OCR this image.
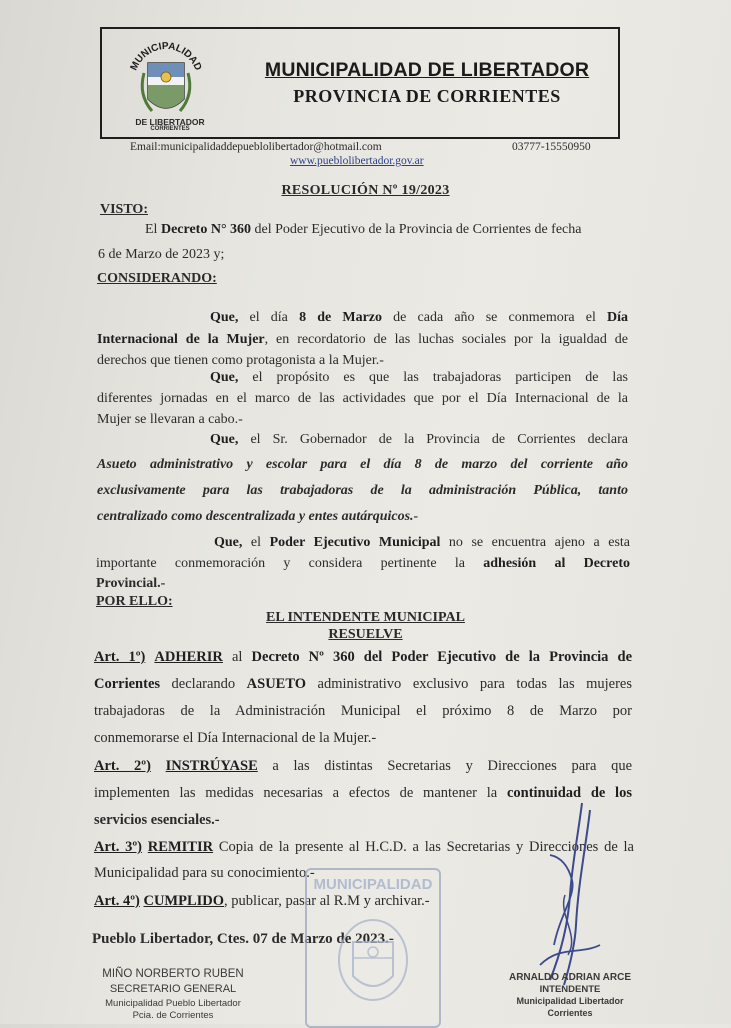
MUNICIPALIDAD
DE LIBERTADOR
CORRIENTES
MUNICIPALIDAD DE LIBERTADOR
PROVINCIA DE CORRIENTES
Email:municipalidaddepueblolibertador@hotmail.com	03777-15550950
www.pueblolibertador.gov.ar
RESOLUCIÓN Nº 19/2023
VISTO:
El Decreto N° 360 del Poder Ejecutivo de la Provincia de Corrientes de fecha
6 de Marzo de 2023 y;
CONSIDERANDO:
Que, el día 8 de Marzo de cada año se conmemora el Día
Internacional de la Mujer, en recordatorio de las luchas sociales por la igualdad de
derechos que tienen como protagonista a la Mujer.-
Que, el propósito es que las trabajadoras participen de las
diferentes jornadas en el marco de las actividades que por el Día Internacional de la
Mujer se llevaran a cabo.-
Que, el Sr. Gobernador de la Provincia de Corrientes declara
Asueto administrativo y escolar para el día 8 de marzo del corriente año
exclusivamente para las trabajadoras de la administración Pública, tanto
centralizado como descentralizada y entes autárquicos.-
Que, el Poder Ejecutivo Municipal no se encuentra ajeno a esta
importante conmemoración y considera pertinente la adhesión al Decreto
Provincial.-
POR ELLO:
EL INTENDENTE MUNICIPAL
RESUELVE
Art. 1º) ADHERIR al Decreto Nº 360 del Poder Ejecutivo de la Provincia de
Corrientes declarando ASUETO administrativo exclusivo para todas las mujeres
trabajadoras de la Administración Municipal el próximo 8 de Marzo por
conmemorarse el Día Internacional de la Mujer.-
Art. 2º) INSTRÚYASE a las distintas Secretarias y Direcciones para que
implementen las medidas necesarias a efectos de mantener la continuidad de los
servicios esenciales.-
Art. 3º) REMITIR Copia de la presente al H.C.D. a las Secretarias y Direcciones de la
Municipalidad para su conocimiento.-
Art. 4º) CUMPLIDO, publicar, pasar al R.M y archivar.-
Pueblo Libertador, Ctes. 07 de Marzo de 2023.-
MUNICIPALIDAD
MIÑO NORBERTO RUBEN
SECRETARIO GENERAL
Municipalidad Pueblo Libertador
Pcia. de Corrientes
ARNALDO ADRIAN ARCE
INTENDENTE
Municipalidad Libertador
Corrientes
